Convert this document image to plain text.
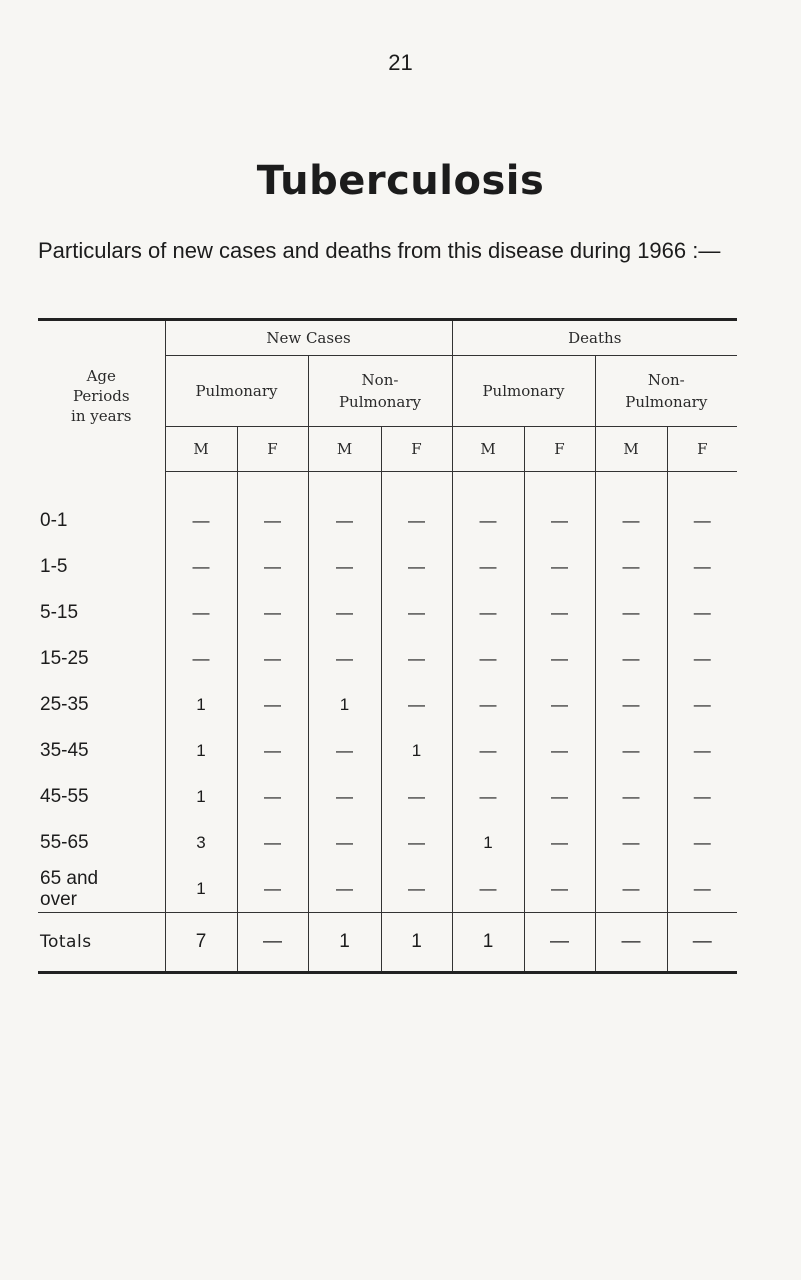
21
Tuberculosis
Particulars of new cases and deaths from this disease during 1966 :—
Age
Periods
in years	New Cases				Deaths			
	Pulmonary		Non-
Pulmonary		Pulmonary		Non-
Pulmonary	
	M	F	M	F	M	F	M	F
0-1	—	—	—	—	—	—	—	—
1-5	—	—	—	—	—	—	—	—
5-15	—	—	—	—	—	—	—	—
15-25	—	—	—	—	—	—	—	—
25-35	1	—	1	—	—	—	—	—
35-45	1	—	—	1	—	—	—	—
45-55	1	—	—	—	—	—	—	—
55-65	3	—	—	—	1	—	—	—
65 and
over	1	—	—	—	—	—	—	—
Totals	7	—	1	1	1	—	—	—
